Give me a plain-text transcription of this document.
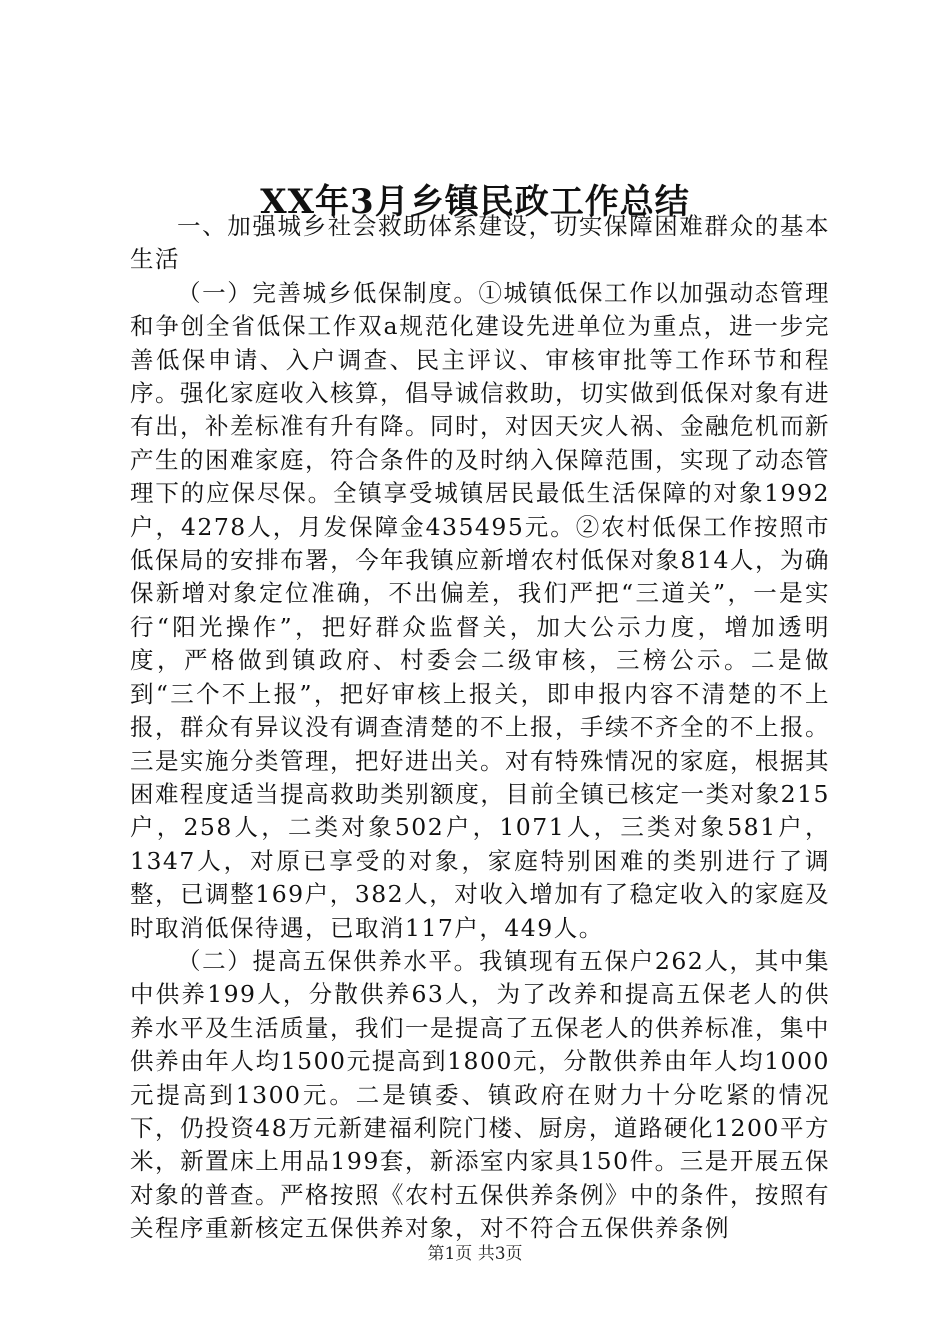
XX年3月乡镇民政工作总结

一、加强城乡社会救助体系建设，切实保障困难群众的基本生活

（一）完善城乡低保制度。①城镇低保工作以加强动态管理和争创全省低保工作双a规范化建设先进单位为重点，进一步完善低保申请、入户调查、民主评议、审核审批等工作环节和程序。强化家庭收入核算，倡导诚信救助，切实做到低保对象有进有出，补差标准有升有降。同时，对因天灾人祸、金融危机而新产生的困难家庭，符合条件的及时纳入保障范围，实现了动态管理下的应保尽保。全镇享受城镇居民最低生活保障的对象1992户，4278人，月发保障金435495元。②农村低保工作按照市低保局的安排布署，今年我镇应新增农村低保对象814人，为确保新增对象定位准确，不出偏差，我们严把“三道关”，一是实行“阳光操作”，把好群众监督关，加大公示力度，增加透明度，严格做到镇政府、村委会二级审核，三榜公示。二是做到“三个不上报”，把好审核上报关，即申报内容不清楚的不上报，群众有异议没有调查清楚的不上报，手续不齐全的不上报。三是实施分类管理，把好进出关。对有特殊情况的家庭，根据其困难程度适当提高救助类别额度，目前全镇已核定一类对象215户，258人，二类对象502户，1071人，三类对象581户，1347人，对原已享受的对象，家庭特别困难的类别进行了调整，已调整169户，382人，对收入增加有了稳定收入的家庭及时取消低保待遇，已取消117户，449人。

（二）提高五保供养水平。我镇现有五保户262人，其中集中供养199人，分散供养63人，为了改养和提高五保老人的供养水平及生活质量，我们一是提高了五保老人的供养标准，集中供养由年人均1500元提高到1800元，分散供养由年人均1000元提高到1300元。二是镇委、镇政府在财力十分吃紧的情况下，仍投资48万元新建福利院门楼、厨房，道路硬化1200平方米，新置床上用品199套，新添室内家具150件。三是开展五保对象的普查。严格按照《农村五保供养条例》中的条件，按照有关程序重新核定五保供养对象，对不符合五保供养条例

第1页 共3页
